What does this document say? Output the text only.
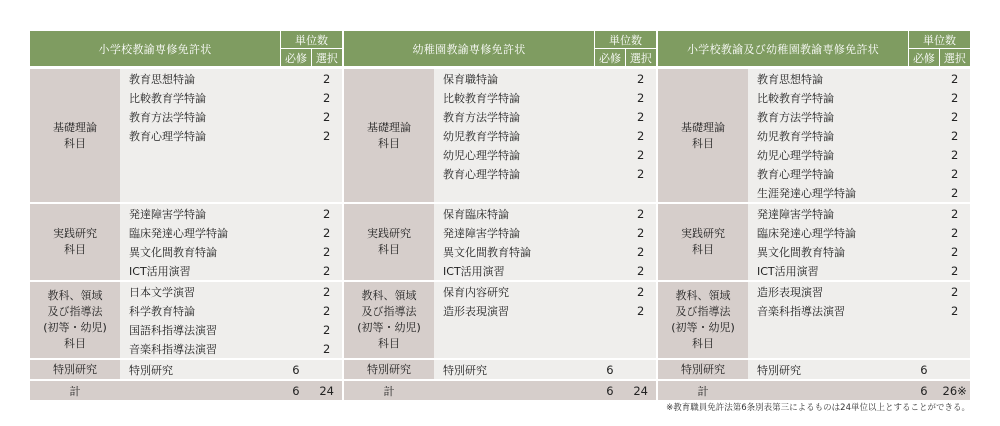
小学校教諭専修免許状		単位数	
		必修	選択

基礎理論
科目	教育思想特論		2
	比較教育学特論		2
	教育方法学特論		2
	教育心理学特論		2

実践研究
科目	発達障害学特論		2
	臨床発達心理学特論		2
	異文化間教育特論		2
	ICT活用演習		2
教科、領域
及び指導法
(初等・幼児)
科目	日本文学演習		2
	科学教育特論		2
	国語科指導法演習		2
	音楽科指導法演習		2
特別研究	特別研究	6	
計		6	24
幼稚園教諭専修免許状		単位数	
		必修	選択

基礎理論
科目	保育職特論		2
	比較教育学特論		2
	教育方法学特論		2
	幼児教育学特論		2
	幼児心理学特論		2
	教育心理学特論		2

実践研究
科目	保育臨床特論		2
	発達障害学特論		2
	異文化間教育特論		2
	ICT活用演習		2
教科、領域
及び指導法
(初等・幼児)
科目	保育内容研究		2
	造形表現演習		2

特別研究	特別研究	6	
計		6	24
小学校教諭及び幼稚園教諭専修免許状		単位数	
		必修	選択

基礎理論
科目	教育思想特論		2
	比較教育学特論		2
	教育方法学特論		2
	幼児教育学特論		2
	幼児心理学特論		2
	教育心理学特論		2
	生涯発達心理学特論		2
実践研究
科目	発達障害学特論		2
	臨床発達心理学特論		2
	異文化間教育特論		2
	ICT活用演習		2
教科、領域
及び指導法
(初等・幼児)
科目	造形表現演習		2
	音楽科指導法演習		2

特別研究	特別研究	6	
計		6	26※
※教育職員免許法第6条別表第三によるものは24単位以上とすることができる。
